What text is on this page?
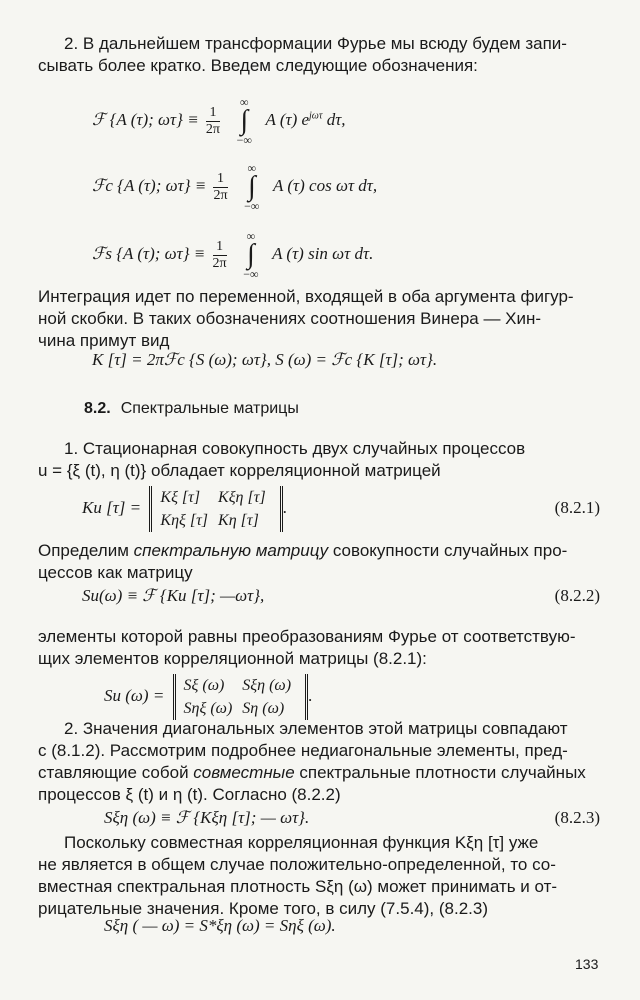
2. В дальнейшем трансформации Фурье мы всюду будем запи-
сывать более кратко. Введем следующие обозначения:
ℱ {A (τ); $\omega\tau\} \equiv \frac{1}{2\pi}$

∞
∫
−∞
A (τ) $e^{j\omega\tau}$ dτ,
ℱc {A (τ); $\omega\tau\} \equiv \frac{1}{2\pi}$

∞
∫
−∞
A (τ) cos ωτ dτ,
ℱs {A (τ); $\omega\tau\} \equiv \frac{1}{2\pi}$

∞
∫
−∞
A (τ) sin ωτ dτ.
Интеграция идет по переменной, входящей в оба аргумента фигур-
ной скобки. В таких обозначениях соотношения Винера — Хин-
чина примут вид
K [τ] = 2πℱc {S (ω); ωτ}, S (ω) = ℱc {K [τ]; ωτ}.
8.2. Спектральные матрицы
1. Стационарная совокупность двух случайных процессов
u = {ξ (t), η (t)} обладает корреляционной матрицей
Ku [τ] =
Kξ [τ]	Kξη [τ]
Kηξ [τ]	Kη [τ]
.	(8.2.1)
Определим спектральную матрицу совокупности случайных про-
цессов как матрицу
Su(ω) ≡ ℱ {Ku [τ]; —ωτ},	(8.2.2)
элементы которой равны преобразованиям Фурье от соответствую-
щих элементов корреляционной матрицы (8.2.1):
Su (ω) =
Sξ (ω)	Sξη (ω)
Sηξ (ω)	Sη (ω)
.
2. Значения диагональных элементов этой матрицы совпадают
с (8.1.2). Рассмотрим подробнее недиагональные элементы, пред-
ставляющие собой совместные спектральные плотности случайных
процессов ξ (t) и η (t). Согласно (8.2.2)
Sξη (ω) ≡ ℱ {Kξη [τ]; — ωτ}.	(8.2.3)
Поскольку совместная корреляционная функция Kξη [τ] уже
не является в общем случае положительно-определенной, то со-
вместная спектральная плотность Sξη (ω) может принимать и от-
рицательные значения. Кроме того, в силу (7.5.4), (8.2.3)
Sξη ( — ω) = S*ξη (ω) = Sηξ (ω).
133
